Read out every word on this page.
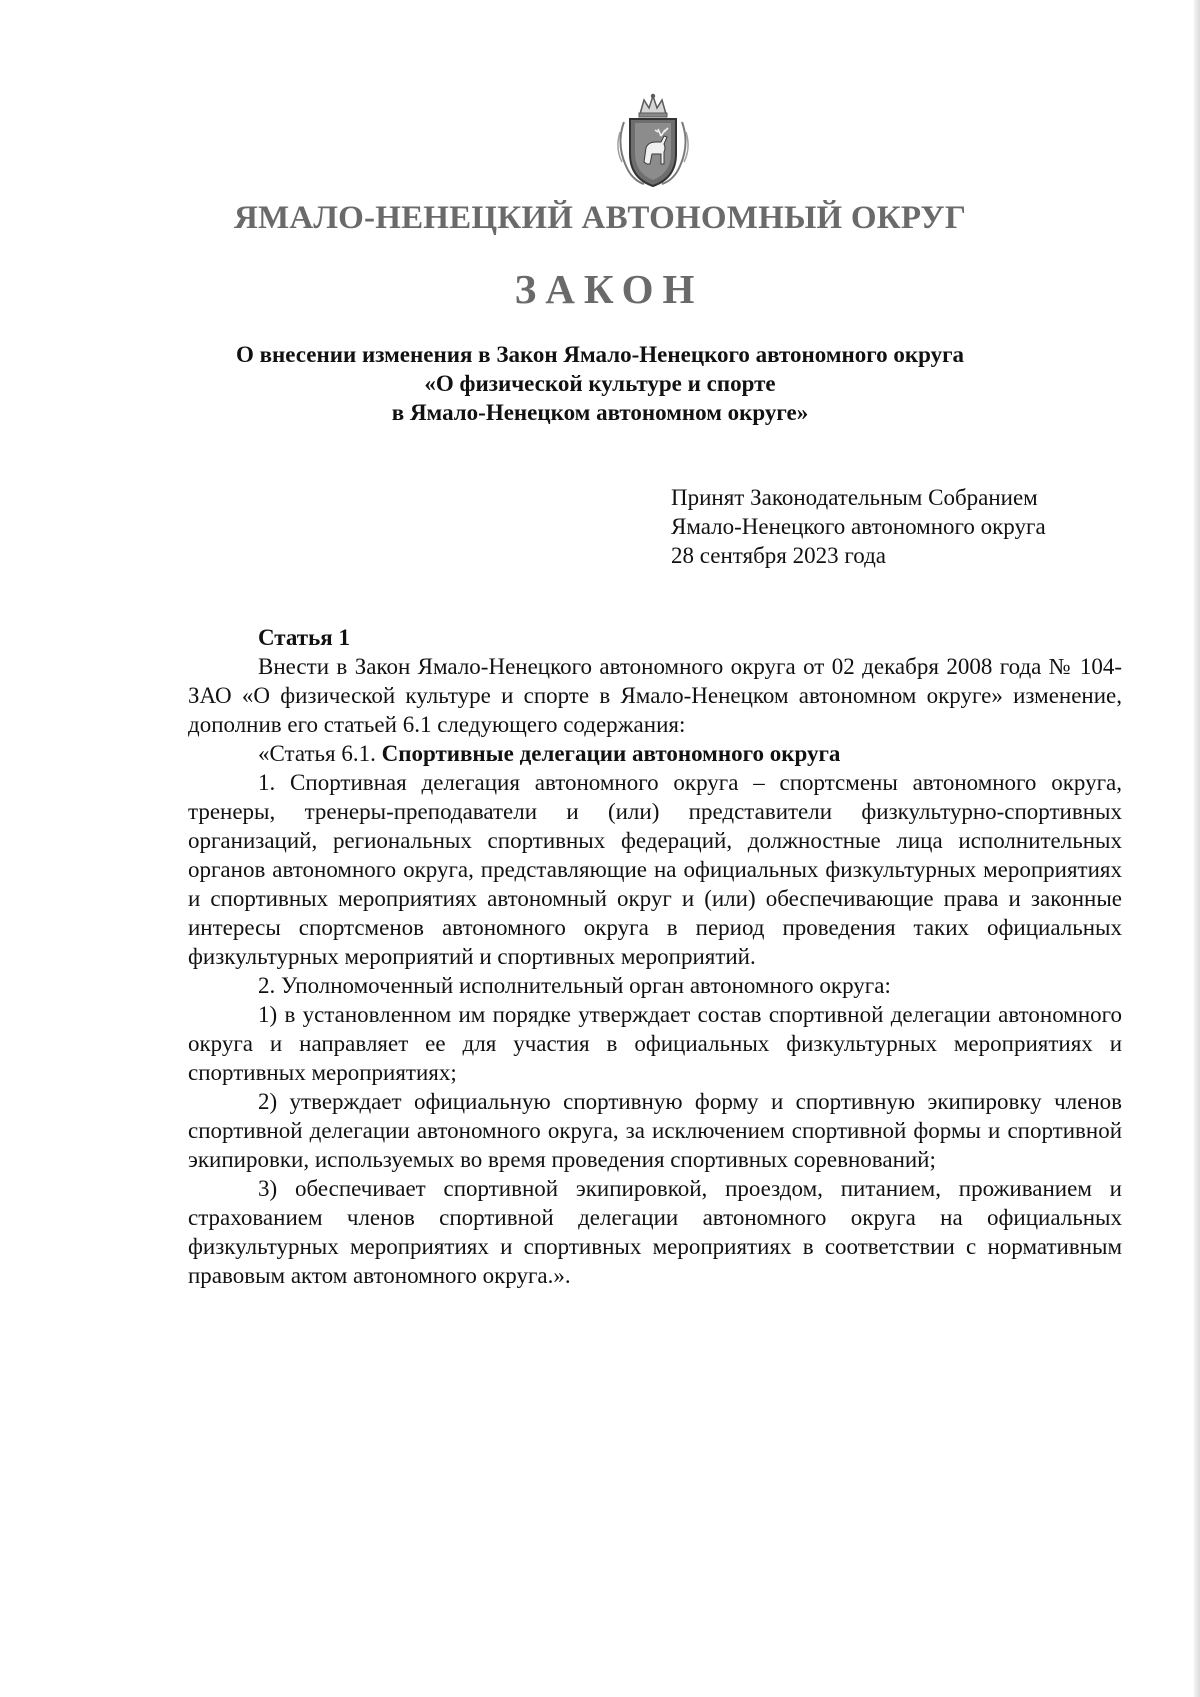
ЯМАЛО-НЕНЕЦКИЙ АВТОНОМНЫЙ ОКРУГ
ЗАКОН
О внесении изменения в Закон Ямало-Ненецкого автономного округа
«О физической культуре и спорте
в Ямало-Ненецком автономном округе»
Принят Законодательным Собранием
Ямало-Ненецкого автономного округа
28 сентября 2023 года

Статья 1

Внести в Закон Ямало-Ненецкого автономного округа от 02 декабря 2008 года № 104-ЗАО «О физической культуре и спорте в Ямало-Ненецком автономном округе» изменение, дополнив его статьей 6.1 следующего содержания:

«Статья 6.1. Спортивные делегации автономного округа

1. Спортивная делегация автономного округа – спортсмены автономного округа, тренеры, тренеры-преподаватели и (или) представители физкультурно-спортивных организаций, региональных спортивных федераций, должностные лица исполнительных органов автономного округа, представляющие на официальных физкультурных мероприятиях и спортивных мероприятиях автономный округ и (или) обеспечивающие права и законные интересы спортсменов автономного округа в период проведения таких официальных физкультурных мероприятий и спортивных мероприятий.

2. Уполномоченный исполнительный орган автономного округа:

1) в установленном им порядке утверждает состав спортивной делегации автономного округа и направляет ее для участия в официальных физкультурных мероприятиях и спортивных мероприятиях;

2) утверждает официальную спортивную форму и спортивную экипировку членов спортивной делегации автономного округа, за исключением спортивной формы и спортивной экипировки, используемых во время проведения спортивных соревнований;

3) обеспечивает спортивной экипировкой, проездом, питанием, проживанием и страхованием членов спортивной делегации автономного округа на официальных физкультурных мероприятиях и спортивных мероприятиях в соответствии с нормативным правовым актом автономного округа.».
